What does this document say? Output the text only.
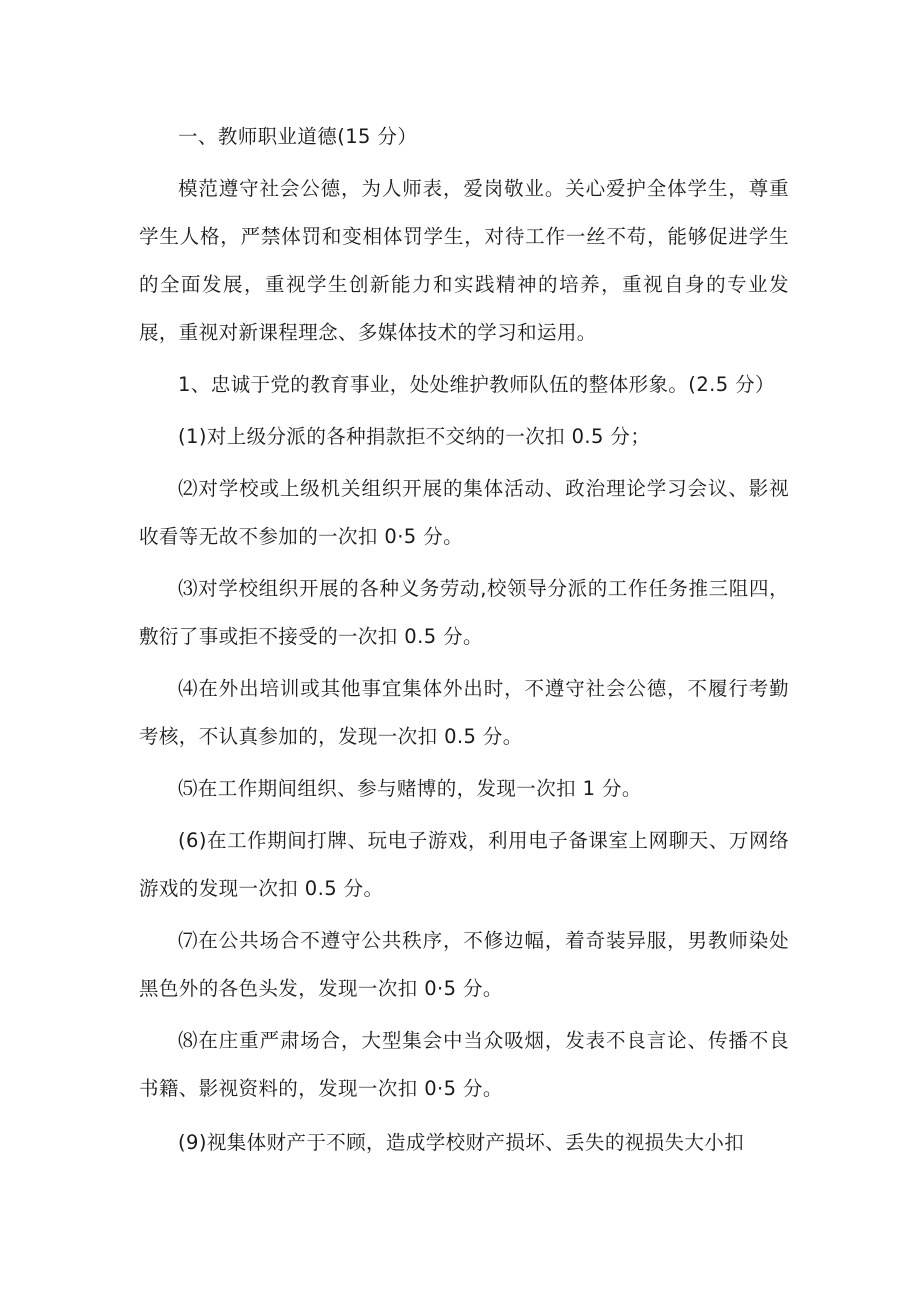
一、教师职业道德(15 分）

模范遵守社会公德，为人师表，爱岗敬业。关心爱护全体学生，尊重学生人格，严禁体罚和变相体罚学生，对待工作一丝不苟，能够促进学生的全面发展，重视学生创新能力和实践精神的培养，重视自身的专业发展，重视对新课程理念、多媒体技术的学习和运用。

1、忠诚于党的教育事业，处处维护教师队伍的整体形象。(2.5 分）

(1)对上级分派的各种捐款拒不交纳的一次扣 0.5 分；

⑵对学校或上级机关组织开展的集体活动、政治理论学习会议、影视收看等无故不参加的一次扣 0·5 分。

⑶对学校组织开展的各种义务劳动,校领导分派的工作任务推三阻四，敷衍了事或拒不接受的一次扣 0.5 分。

⑷在外出培训或其他事宜集体外出时，不遵守社会公德，不履行考勤考核，不认真参加的，发现一次扣 0.5 分。

⑸在工作期间组织、参与赌博的，发现一次扣 1 分。

(6)在工作期间打牌、玩电子游戏，利用电子备课室上网聊天、万网络游戏的发现一次扣 0.5 分。

⑺在公共场合不遵守公共秩序，不修边幅，着奇装异服，男教师染处黑色外的各色头发，发现一次扣 0·5 分。

⑻在庄重严肃场合，大型集会中当众吸烟，发表不良言论、传播不良书籍、影视资料的，发现一次扣 0·5 分。

(9)视集体财产于不顾，造成学校财产损坏、丢失的视损失大小扣
